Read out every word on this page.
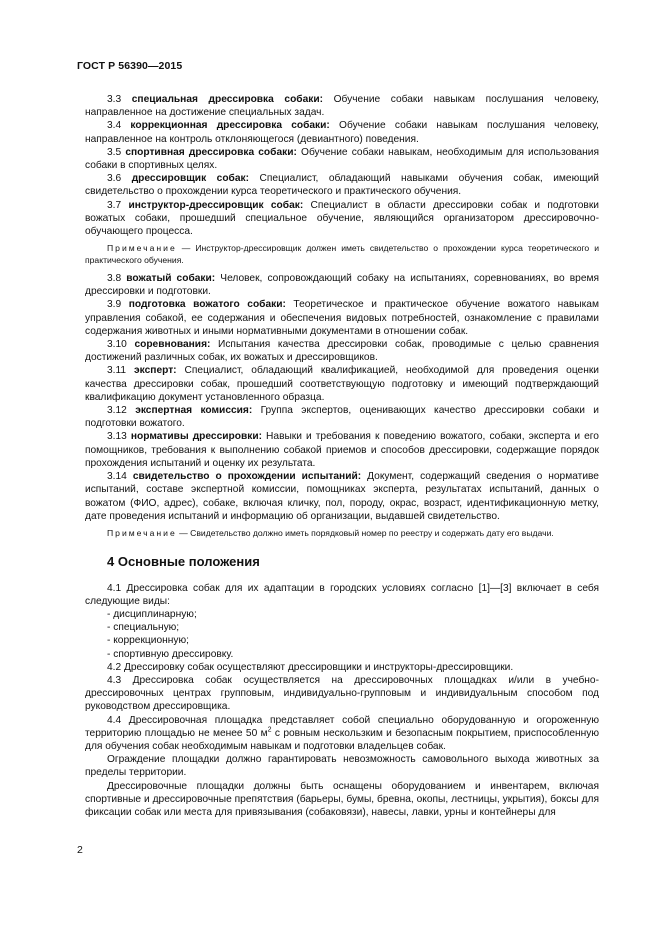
ГОСТ Р 56390—2015

3.3 специальная дрессировка собаки: Обучение собаки навыкам послушания человеку, направленное на достижение специальных задач.

3.4 коррекционная дрессировка собаки: Обучение собаки навыкам послушания человеку, направленное на контроль отклоняющегося (девиантного) поведения.

3.5 спортивная дрессировка собаки: Обучение собаки навыкам, необходимым для использования собаки в спортивных целях.

3.6 дрессировщик собак: Специалист, обладающий навыками обучения собак, имеющий свидетельство о прохождении курса теоретического и практического обучения.

3.7 инструктор-дрессировщик собак: Специалист в области дрессировки собак и подготовки вожатых собаки, прошедший специальное обучение, являющийся организатором дрессировочно-обучающего процесса.

Примечание — Инструктор-дрессировщик должен иметь свидетельство о прохождении курса теоретического и практического обучения.

3.8 вожатый собаки: Человек, сопровождающий собаку на испытаниях, соревнованиях, во время дрессировки и подготовки.

3.9 подготовка вожатого собаки: Теоретическое и практическое обучение вожатого навыкам управления собакой, ее содержания и обеспечения видовых потребностей, ознакомление с правилами содержания животных и иными нормативными документами в отношении собак.

3.10 соревнования: Испытания качества дрессировки собак, проводимые с целью сравнения достижений различных собак, их вожатых и дрессировщиков.

3.11 эксперт: Специалист, обладающий квалификацией, необходимой для проведения оценки качества дрессировки собак, прошедший соответствующую подготовку и имеющий подтверждающий квалификацию документ установленного образца.

3.12 экспертная комиссия: Группа экспертов, оценивающих качество дрессировки собаки и подготовки вожатого.

3.13 нормативы дрессировки: Навыки и требования к поведению вожатого, собаки, эксперта и его помощников, требования к выполнению собакой приемов и способов дрессировки, содержащие порядок прохождения испытаний и оценку их результата.

3.14 свидетельство о прохождении испытаний: Документ, содержащий сведения о нормативе испытаний, составе экспертной комиссии, помощниках эксперта, результатах испытаний, данных о вожатом (ФИО, адрес), собаке, включая кличку, пол, породу, окрас, возраст, идентификационную метку, дате проведения испытаний и информацию об организации, выдавшей свидетельство.

Примечание — Свидетельство должно иметь порядковый номер по реестру и содержать дату его выдачи.

4 Основные положения

4.1 Дрессировка собак для их адаптации в городских условиях согласно [1]—[3] включает в себя следующие виды:

- дисциплинарную;
- специальную;
- коррекционную;
- спортивную дрессировку.

4.2 Дрессировку собак осуществляют дрессировщики и инструкторы-дрессировщики.

4.3 Дрессировка собак осуществляется на дрессировочных площадках и/или в учебно-дрессировочных центрах групповым, индивидуально-групповым и индивидуальным способом под руководством дрессировщика.

4.4 Дрессировочная площадка представляет собой специально оборудованную и огороженную территорию площадью не менее 50 $м^2$ с ровным нескользким и безопасным покрытием, приспособленную для обучения собак необходимым навыкам и подготовки владельцев собак.

Ограждение площадки должно гарантировать невозможность самовольного выхода животных за пределы территории.

Дрессировочные площадки должны быть оснащены оборудованием и инвентарем, включая спортивные и дрессировочные препятствия (барьеры, бумы, бревна, окопы, лестницы, укрытия), боксы для фиксации собак или места для привязывания (собаковязи), навесы, лавки, урны и контейнеры для

2
